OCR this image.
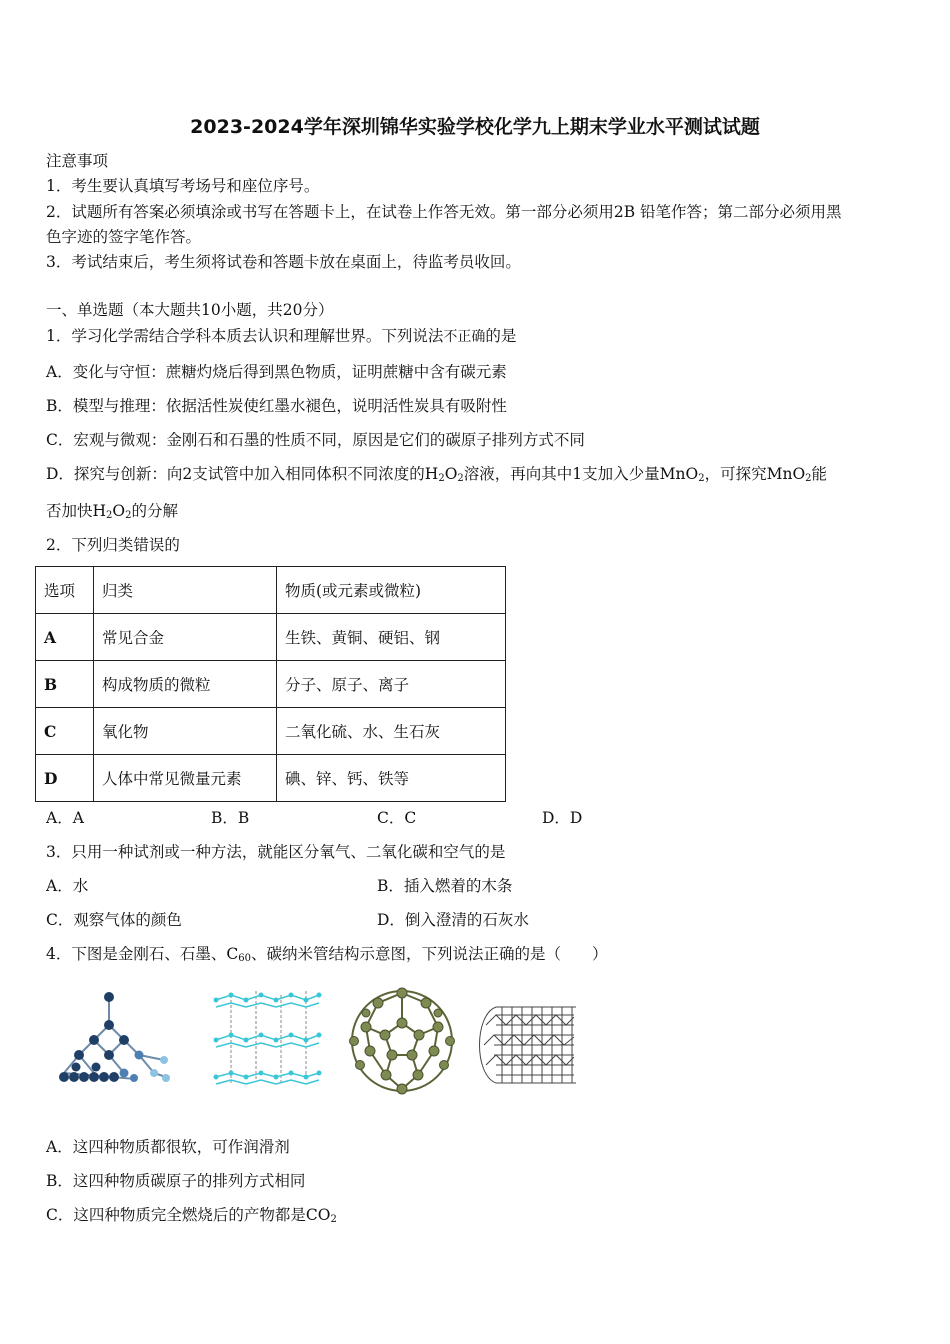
2023-2024学年深圳锦华实验学校化学九上期末学业水平测试试题
注意事项
1．考生要认真填写考场号和座位序号。
2．试题所有答案必须填涂或书写在答题卡上，在试卷上作答无效。第一部分必须用2B 铅笔作答；第二部分必须用黑
色字迹的签字笔作答。
3．考试结束后，考生须将试卷和答题卡放在桌面上，待监考员收回。
一、单选题（本大题共10小题，共20分）
1．学习化学需结合学科本质去认识和理解世界。下列说法不正确的是
A．变化与守恒：蔗糖灼烧后得到黑色物质，证明蔗糖中含有碳元素
B．模型与推理：依据活性炭使红墨水褪色，说明活性炭具有吸附性
C．宏观与微观：金刚石和石墨的性质不同，原因是它们的碳原子排列方式不同
D．探究与创新：向2支试管中加入相同体积不同浓度的$H_2O_2$溶液，再向其中1支加入少量MnO$_2$，可探究MnO$_2$能
否加快$H_2O_2$的分解
2．下列归类错误的
选项	归类	物质(或元素或微粒)
A	常见合金	生铁、黄铜、硬铝、钢
B	构成物质的微粒	分子、原子、离子
C	氧化物	二氧化硫、水、生石灰
D	人体中常见微量元素	碘、锌、钙、铁等
A．A	B．B	C．C	D．D
3．只用一种试剂或一种方法，就能区分氧气、二氧化碳和空气的是
A．水	B．插入燃着的木条
C．观察气体的颜色	D．倒入澄清的石灰水
4．下图是金刚石、石墨、$C_{60}$、碳纳米管结构示意图，下列说法正确的是（　　）
A．这四种物质都很软，可作润滑剂
B．这四种物质碳原子的排列方式相同
C．这四种物质完全燃烧后的产物都是$CO_2$
